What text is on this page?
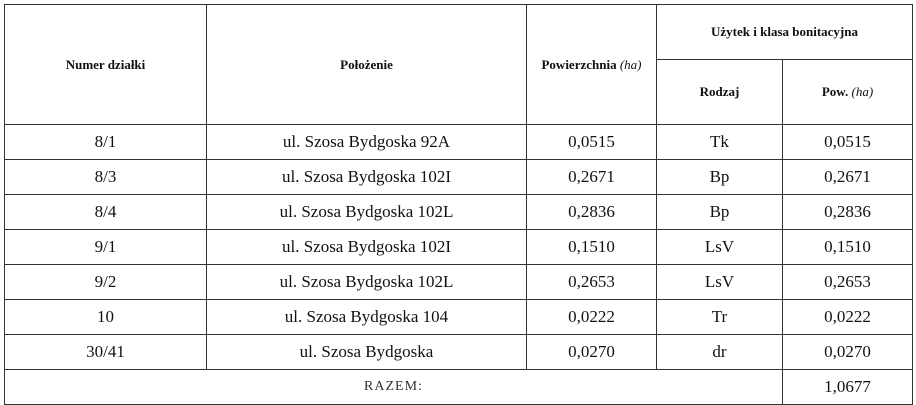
Numer działki	Położenie	Powierzchnia (ha)	Użytek i klasa bonitacyjna	
			Rodzaj	Pow. (ha)
8/1	ul. Szosa Bydgoska 92A	0,0515	Tk	0,0515
8/3	ul. Szosa Bydgoska 102I	0,2671	Bp	0,2671
8/4	ul. Szosa Bydgoska 102L	0,2836	Bp	0,2836
9/1	ul. Szosa Bydgoska 102I	0,1510	LsV	0,1510
9/2	ul. Szosa Bydgoska 102L	0,2653	LsV	0,2653
10	ul. Szosa Bydgoska 104	0,0222	Tr	0,0222
30/41	ul. Szosa Bydgoska	0,0270	dr	0,0270
RAZEM:				1,0677
